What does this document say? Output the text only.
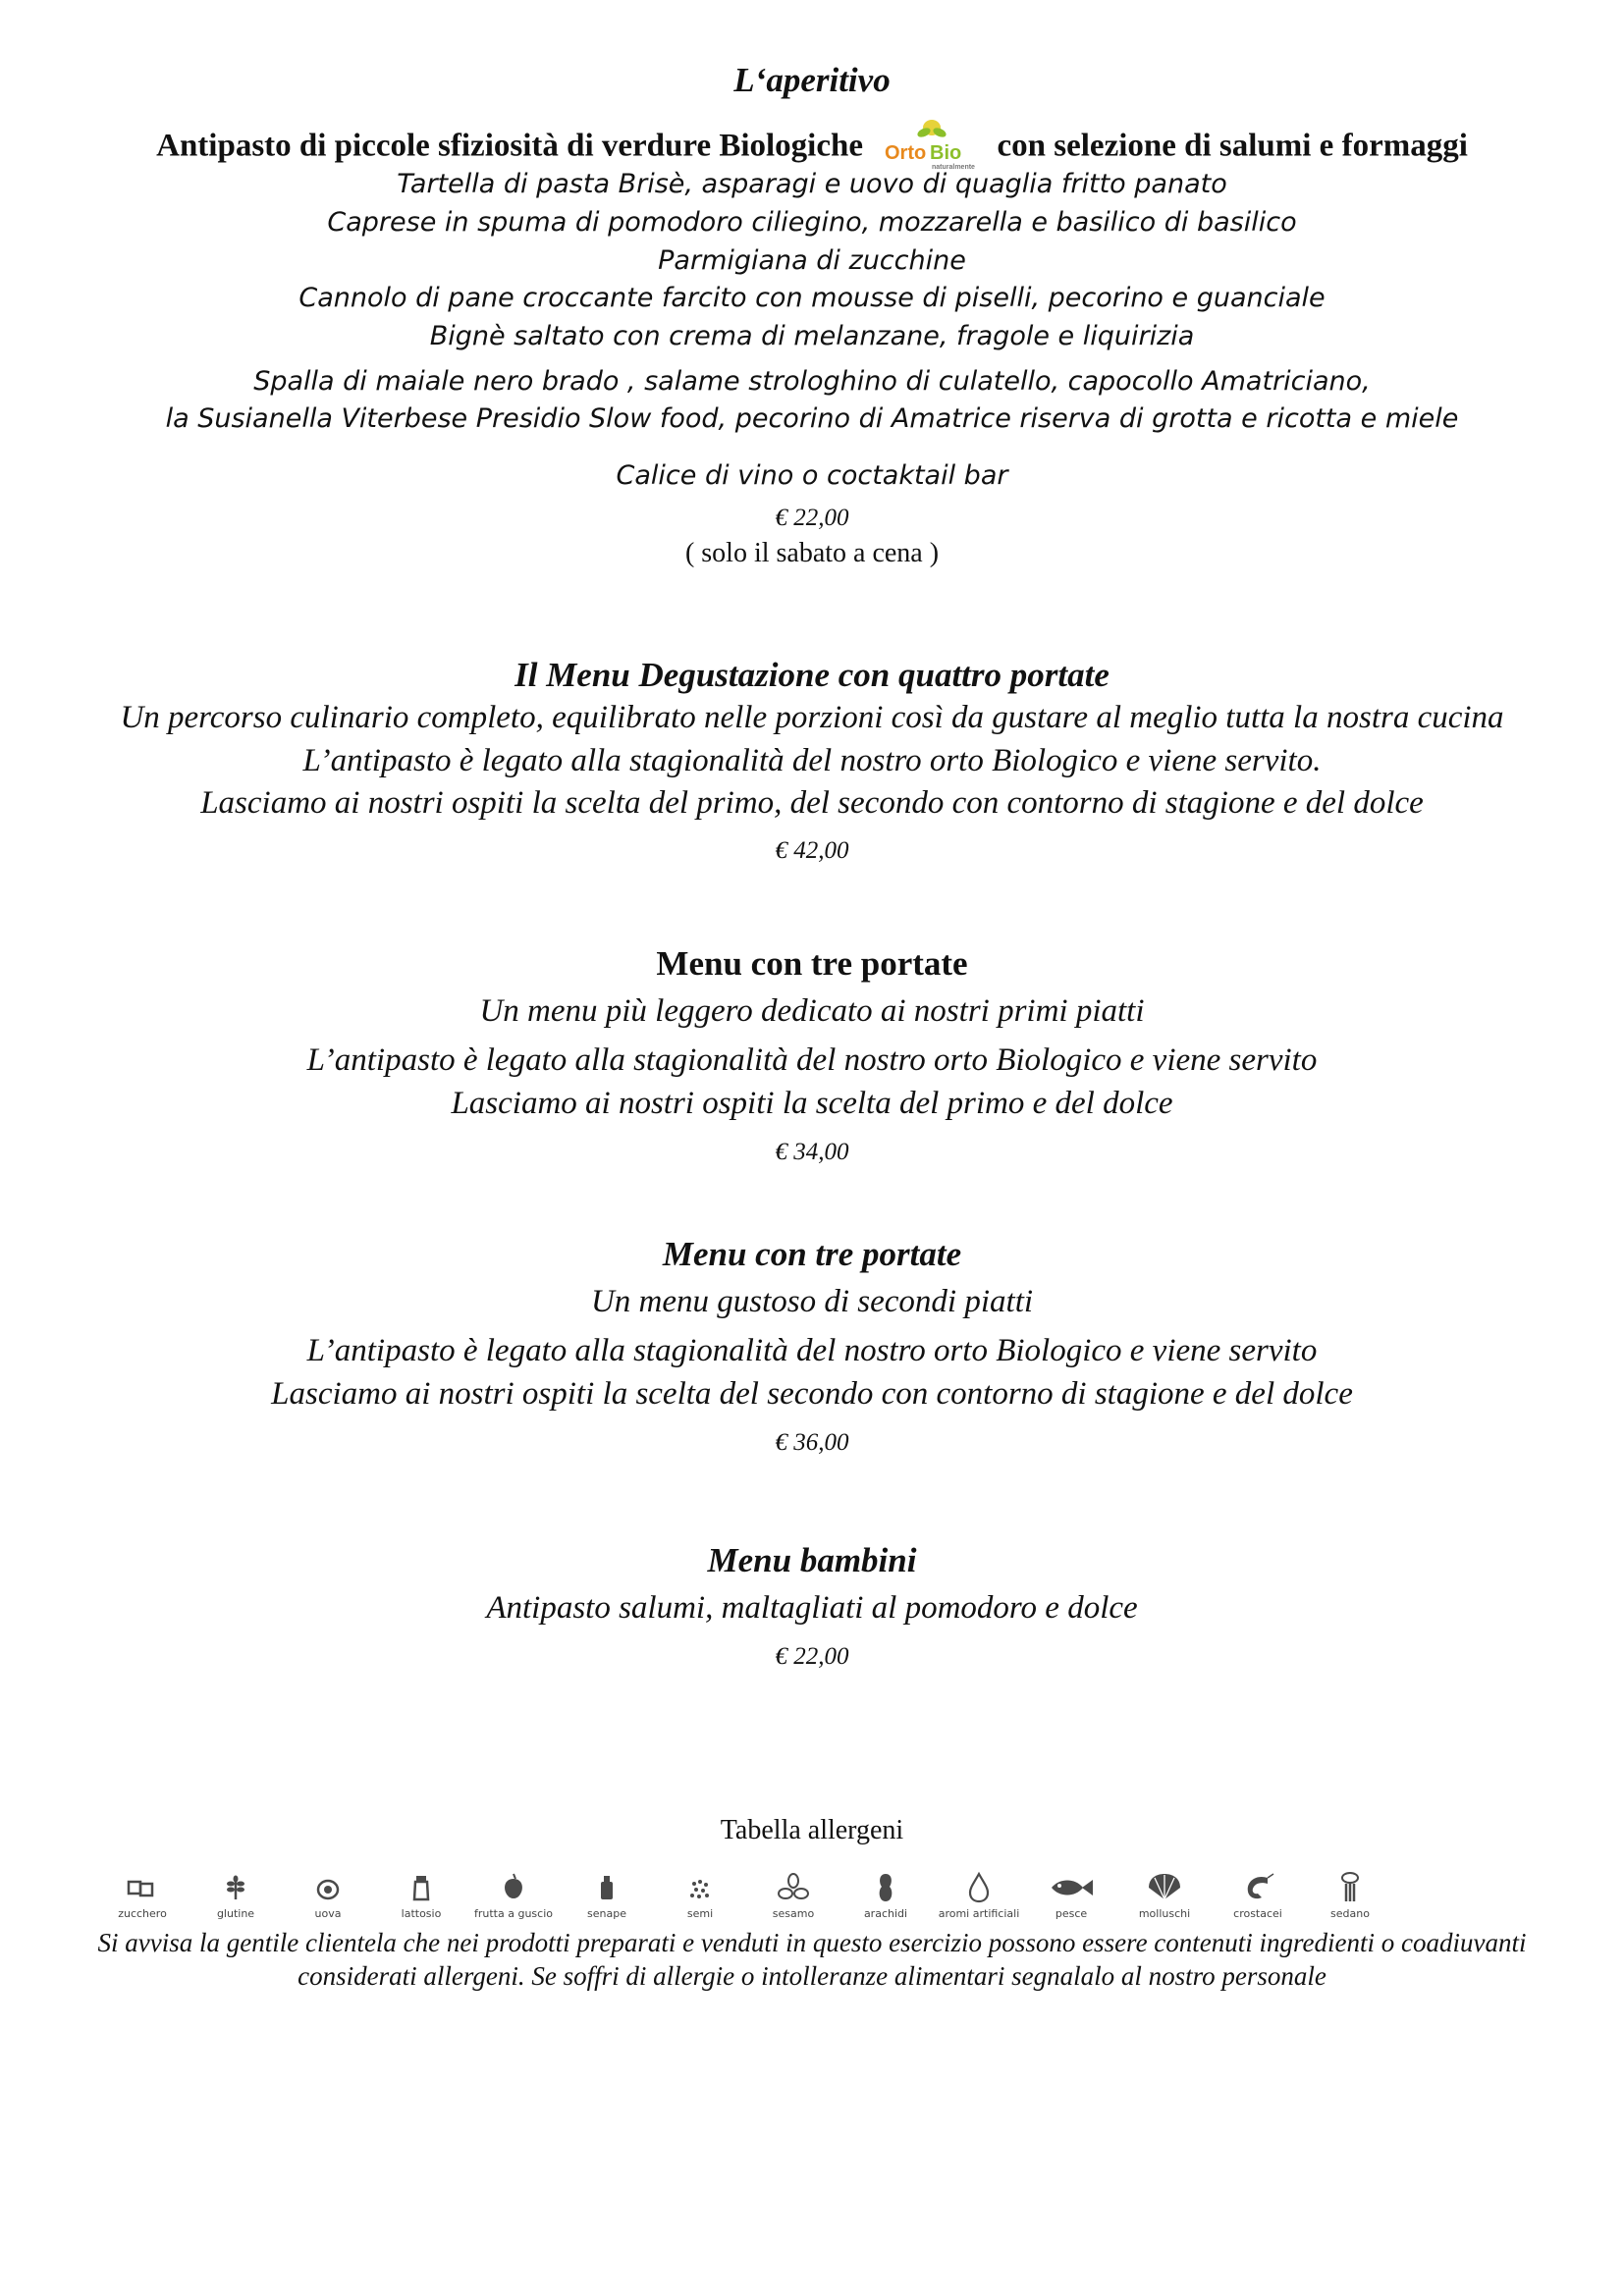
L‘aperitivo
Antipasto di piccole sfiziosità di verdure Biologiche Orto Bio
naturalmente
con selezione di salumi e formaggi
Tartella di pasta Brisè, asparagi e uovo di quaglia fritto panato
Caprese in spuma di pomodoro ciliegino, mozzarella e basilico di basilico
Parmigiana di zucchine
Cannolo di pane croccante farcito con mousse di piselli, pecorino e guanciale
Bignè saltato con crema di melanzane, fragole e liquirizia
Spalla di maiale nero brado , salame strologhino di culatello, capocollo Amatriciano,
la Susianella Viterbese Presidio Slow food, pecorino di Amatrice riserva di grotta e ricotta e miele
Calice di vino o coctaktail bar
€ 22,00
( solo il sabato a cena )
Il Menu Degustazione con quattro portate
Un percorso culinario completo, equilibrato nelle porzioni così da gustare al meglio tutta la nostra cucina
L’antipasto è legato alla stagionalità del nostro orto Biologico e viene servito.
Lasciamo ai nostri ospiti la scelta del primo, del secondo con contorno di stagione e del dolce
€ 42,00
Menu con tre portate
Un menu più leggero dedicato ai nostri primi piatti
L’antipasto è legato alla stagionalità del nostro orto Biologico e viene servito
Lasciamo ai nostri ospiti la scelta del primo e del dolce
€ 34,00
Menu con tre portate
Un menu gustoso di secondi piatti
L’antipasto è legato alla stagionalità del nostro orto Biologico e viene servito
Lasciamo ai nostri ospiti la scelta del secondo con contorno di stagione e del dolce
€ 36,00
Menu bambini
Antipasto salumi, maltagliati al pomodoro e dolce
€ 22,00
Tabella allergeni
zucchero	glutine	uova	lattosio	frutta a guscio	senape	semi	sesamo	arachidi	aromi artificiali	pesce	molluschi	crostacei	sedano
Si avvisa la gentile clientela che nei prodotti preparati e venduti in questo esercizio possono essere contenuti ingredienti o coadiuvanti
considerati allergeni. Se soffri di allergie o intolleranze alimentari segnalalo al nostro personale
